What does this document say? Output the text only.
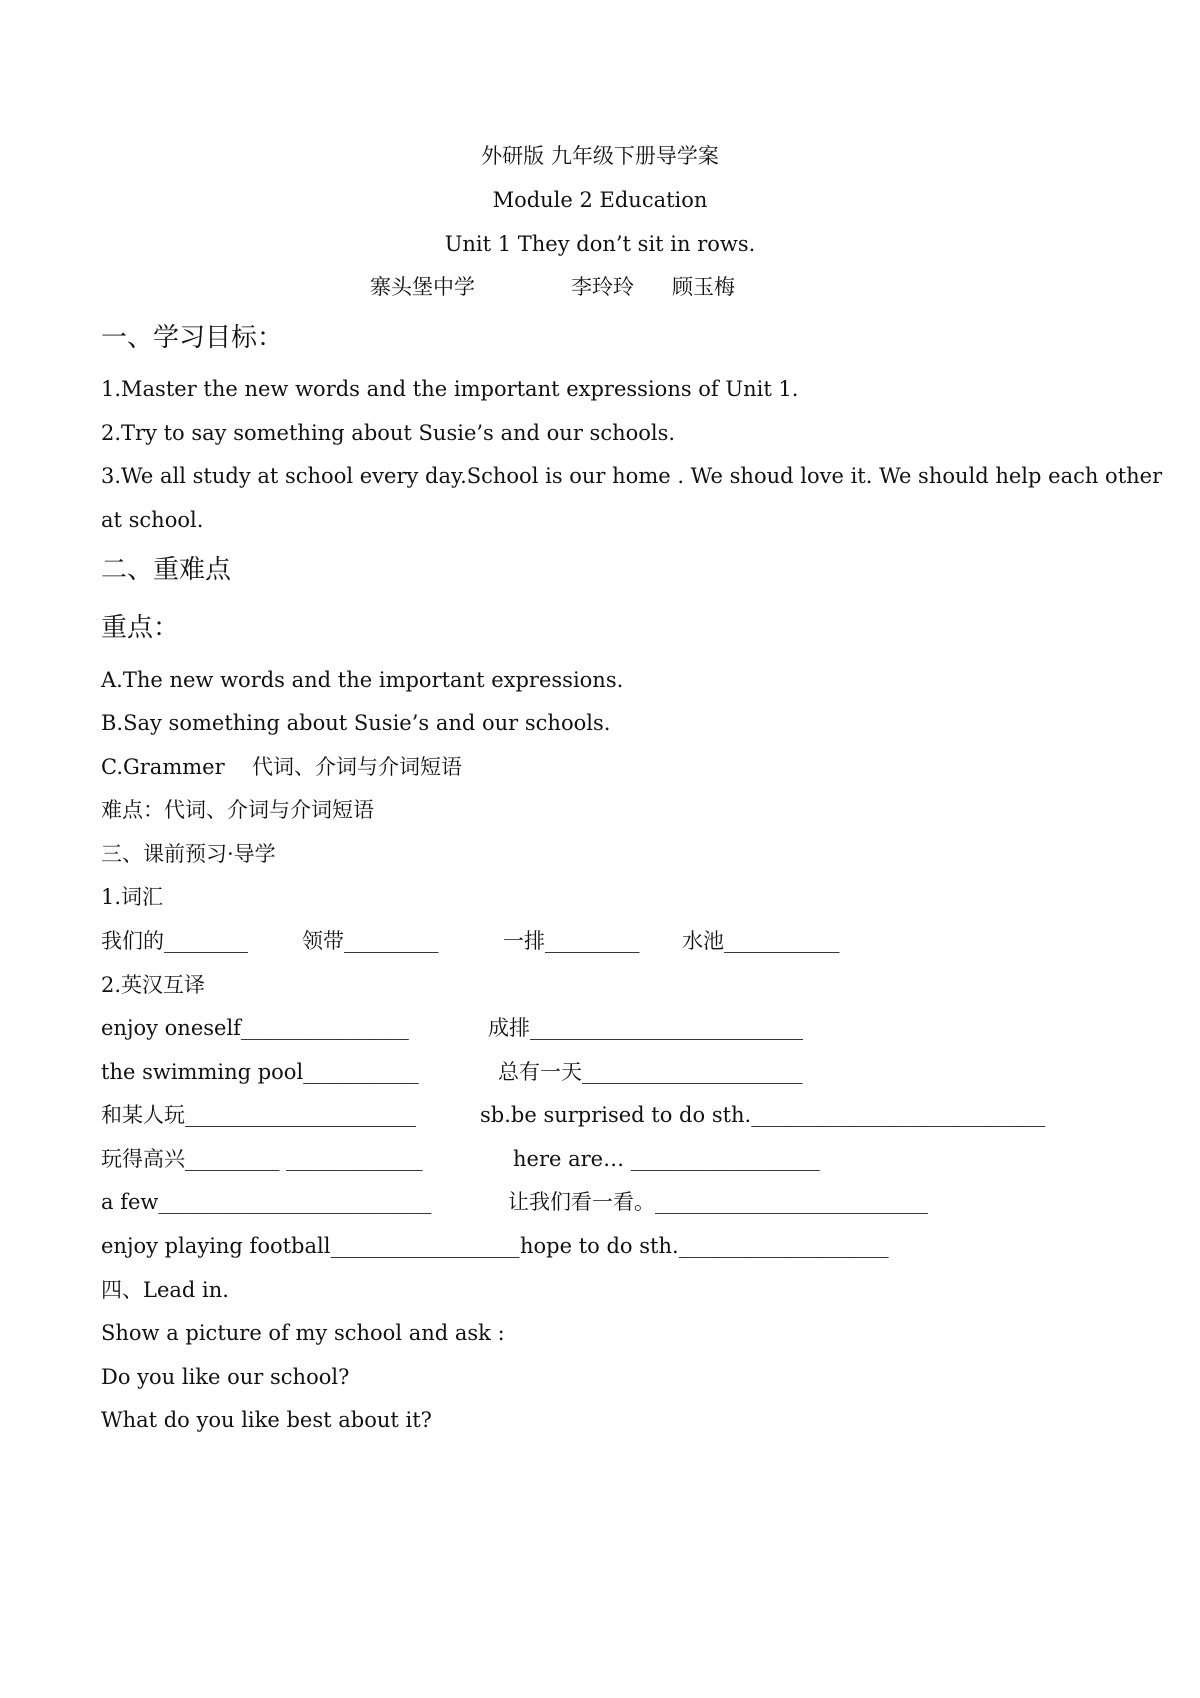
外研版 九年级下册导学案
Module 2 Education
Unit 1 They don’t sit in rows.
寨头堡中学	李玲玲 顾玉梅
一、学习目标：
1.Master the new words and the important expressions of Unit 1.
2.Try to say something about Susie’s and our schools.
3.We all study at school every day.School is our home . We shoud love it. We should help each other
at school.
二、重难点
重点：
A.The new words and the important expressions.
B.Say something about Susie’s and our schools.
C.Grammer 代词、介词与介词短语
难点：代词、介词与介词短语
三、课前预习·导学
1.词汇
我们的________	领带_________	一排_________ 水池___________
2.英汉互译
enjoy oneself________________	成排__________________________
the swimming pool___________	总有一天_____________________
和某人玩______________________	sb.be surprised to do sth.____________________________
玩得高兴_________ _____________	here are… __________________
a few__________________________	让我们看一看。__________________________
enjoy playing football__________________ hope to do sth.____________________
四、Lead in.
Show a picture of my school and ask :
Do you like our school?
What do you like best about it?
